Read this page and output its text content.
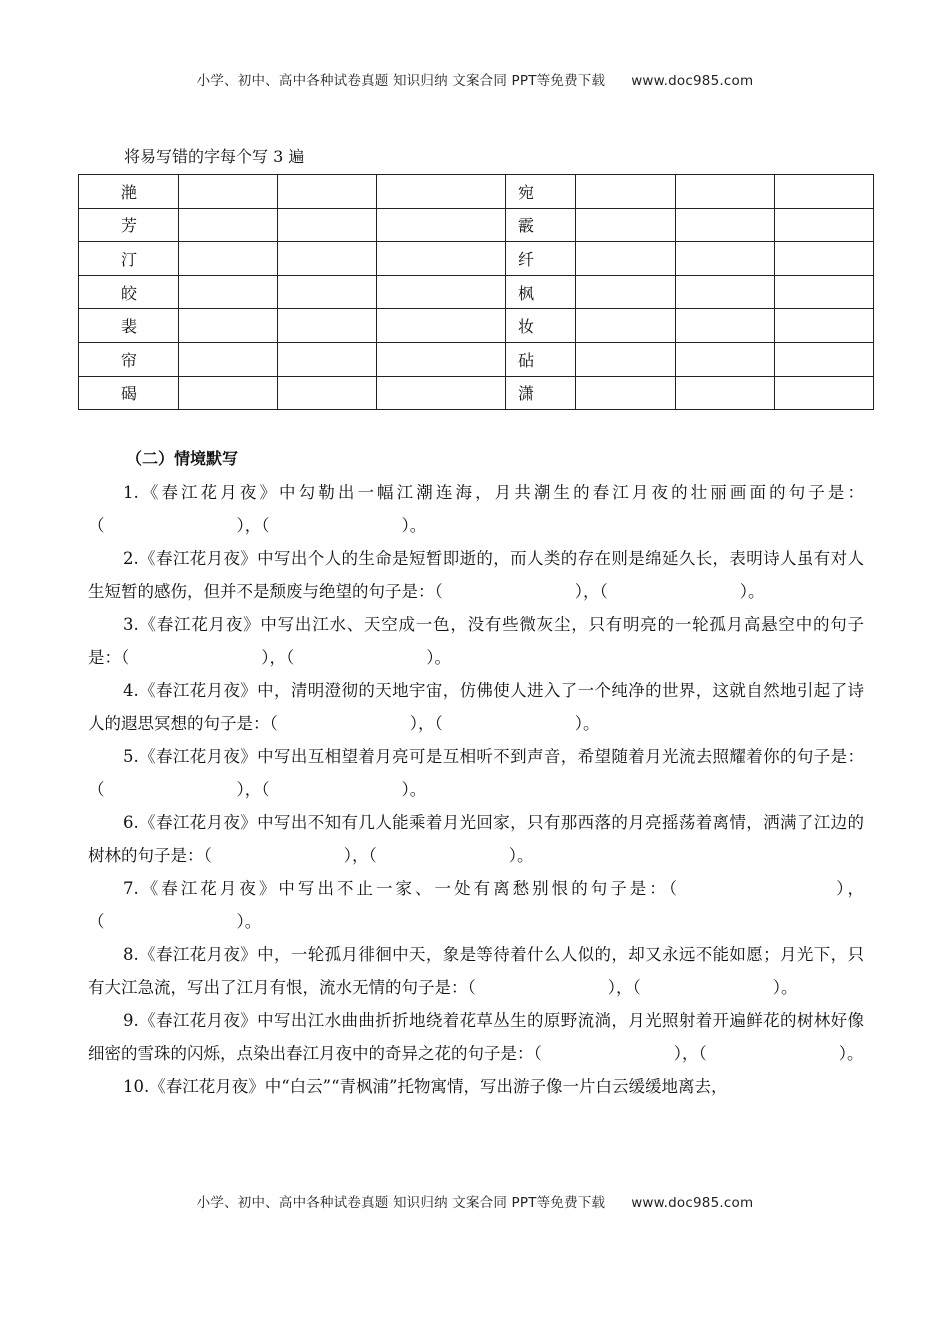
小学、初中、高中各种试卷真题 知识归纳 文案合同 PPT等免费下载 www.doc985.com
将易写错的字每个写 3 遍
滟				宛			
芳				霰			
汀				纤			
皎				枫			
裴				妆			
帘				砧			
碣				潇			
（二）情境默写

1.《春江花月夜》中勾勒出一幅江潮连海，月共潮生的春江月夜的壮丽画面的句子是：（　　　　　　　　），（　　　　　　　　）。

2.《春江花月夜》中写出个人的生命是短暂即逝的，而人类的存在则是绵延久长，表明诗人虽有对人生短暂的感伤，但并不是颓废与绝望的句子是：（　　　　　　　　），（　　　　　　　　）。

3.《春江花月夜》中写出江水、天空成一色，没有些微灰尘，只有明亮的一轮孤月高悬空中的句子是：（　　　　　　　　），（　　　　　　　　）。

4.《春江花月夜》中，清明澄彻的天地宇宙，仿佛使人进入了一个纯净的世界，这就自然地引起了诗人的遐思冥想的句子是：（　　　　　　　　），（　　　　　　　　）。

5.《春江花月夜》中写出互相望着月亮可是互相听不到声音，希望随着月光流去照耀着你的句子是：（　　　　　　　　），（　　　　　　　　）。

6.《春江花月夜》中写出不知有几人能乘着月光回家，只有那西落的月亮摇荡着离情，洒满了江边的树林的句子是：（　　　　　　　　），（　　　　　　　　）。

7.《春江花月夜》中写出不止一家、一处有离愁别恨的句子是：（　　　　　　　　），（　　　　　　　　）。

8.《春江花月夜》中，一轮孤月徘徊中天，象是等待着什么人似的，却又永远不能如愿；月光下，只有大江急流，写出了江月有恨，流水无情的句子是：（　　　　　　　　），（　　　　　　　　）。

9.《春江花月夜》中写出江水曲曲折折地绕着花草丛生的原野流淌，月光照射着开遍鲜花的树林好像细密的雪珠的闪烁，点染出春江月夜中的奇异之花的句子是：（　　　　　　　　），（　　　　　　　　）。

10.《春江花月夜》中“白云”“青枫浦”托物寓情，写出游子像一片白云缓缓地离去，

小学、初中、高中各种试卷真题 知识归纳 文案合同 PPT等免费下载 www.doc985.com
